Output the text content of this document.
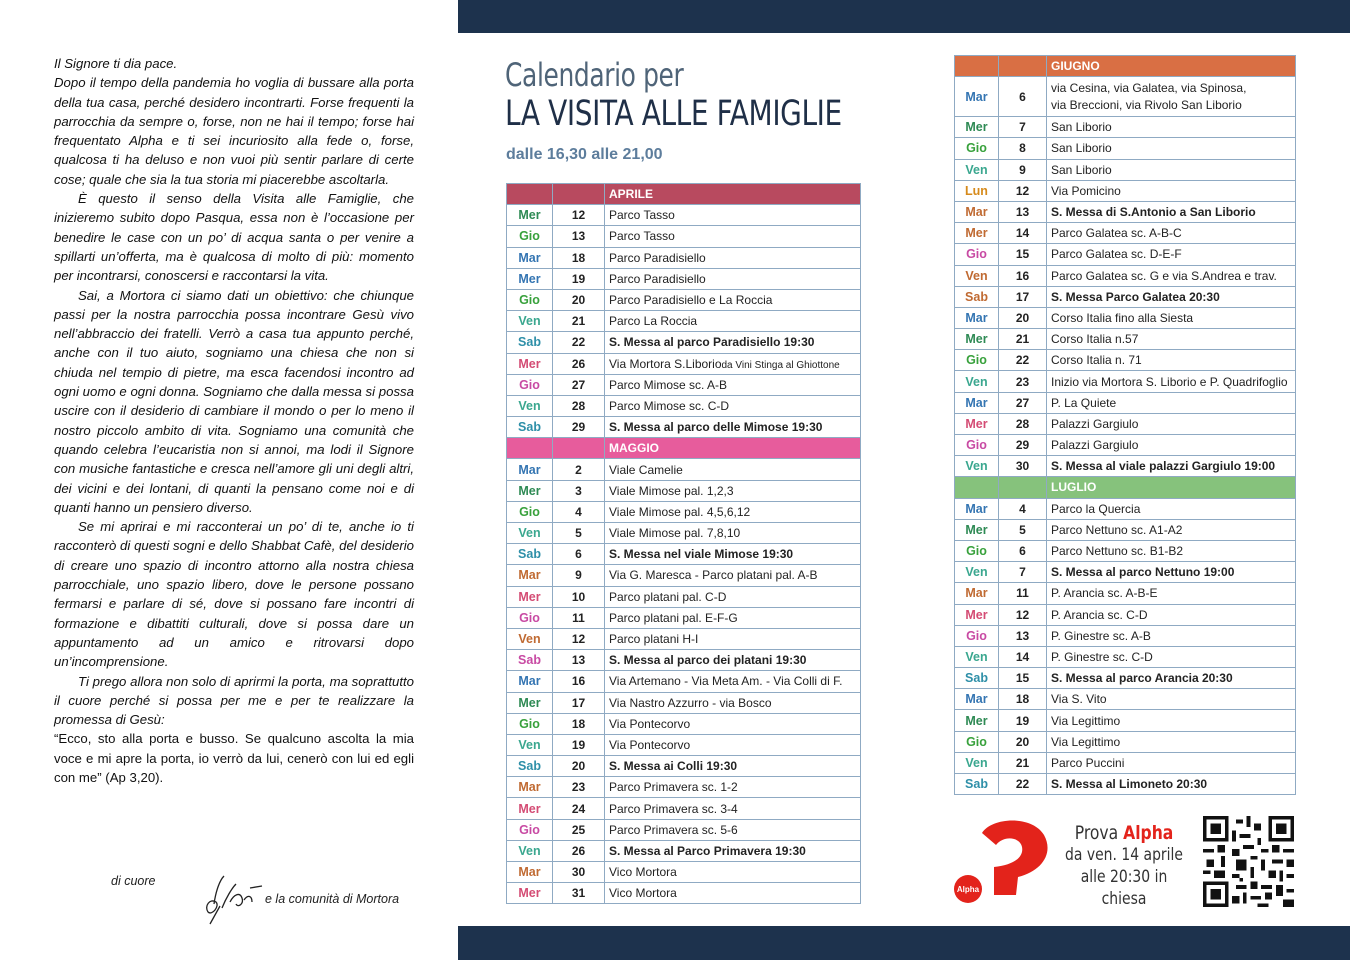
Il Signore ti dia pace.

Dopo il tempo della pandemia ho voglia di bussare alla porta della tua casa, perché desidero incontrarti. Forse frequenti la parrocchia da sempre o, forse, non ne hai il tempo; forse hai frequentato Alpha e ti sei incuriosito alla fede o, forse, qualcosa ti ha deluso e non vuoi più sentir parlare di certe cose; quale che sia la tua storia mi piacerebbe ascoltarla.

È questo il senso della Visita alle Famiglie, che inizieremo subito dopo Pasqua, essa non è l’occasione per benedire le case con un po’ di acqua santa o per venire a spillarti un’offerta, ma è qualcosa di molto di più: momento per incontrarsi, conoscersi e raccontarsi la vita.

Sai, a Mortora ci siamo dati un obiettivo: che chiunque passi per la nostra parrocchia possa incontrare Gesù vivo nell’abbraccio dei fratelli. Verrò a casa tua appunto perché, anche con il tuo aiuto, sogniamo una chiesa che non si chiuda nel tempio di pietre, ma esca facendosi incontro ad ogni uomo e ogni donna. Sogniamo che dalla messa si possa uscire con il desiderio di cambiare il mondo o per lo meno il nostro piccolo ambito di vita. Sogniamo una comunità che quando celebra l’eucaristia non si annoi, ma lodi il Signore con musiche fantastiche e cresca nell’amore gli uni degli altri, dei vicini e dei lontani, di quanti la pensano come noi e di quanti hanno un pensiero diverso.

Se mi aprirai e mi racconterai un po’ di te, anche io ti racconterò di questi sogni e dello Shabbat Cafè, del desiderio di creare uno spazio di incontro attorno alla nostra chiesa parrocchiale, uno spazio libero, dove le persone possano fermarsi e parlare di sé, dove si possano fare incontri di formazione e dibattiti culturali, dove si possa dare un appuntamento ad un amico e ritrovarsi dopo un’incomprensione.

Ti prego allora non solo di aprirmi la porta, ma soprattutto il cuore perché si possa per me e per te realizzare la promessa di Gesù:

“Ecco, sto alla porta e busso. Se qualcuno ascolta la mia voce e mi apre la porta, io verrò da lui, cenerò con lui ed egli con me” (Ap 3,20).

di cuore
e la comunità di Mortora
Calendario per
LA VISITA ALLE FAMIGLIE
dalle 16,30 alle 21,00
		APRILE
Mer	12	Parco Tasso
Gio	13	Parco Tasso
Mar	18	Parco Paradisiello
Mer	19	Parco Paradisiello
Gio	20	Parco Paradisiello e La Roccia
Ven	21	Parco La Roccia
Sab	22	S. Messa al parco Paradisiello 19:30
Mer	26	Via Mortora S.Liborioda Vini Stinga al Ghiottone
Gio	27	Parco Mimose sc. A-B
Ven	28	Parco Mimose sc. C-D
Sab	29	S. Messa al parco delle Mimose 19:30
		MAGGIO
Mar	2	Viale Camelie
Mer	3	Viale Mimose pal. 1,2,3
Gio	4	Viale Mimose pal. 4,5,6,12
Ven	5	Viale Mimose pal. 7,8,10
Sab	6	S. Messa nel viale Mimose 19:30
Mar	9	Via G. Maresca - Parco platani pal. A-B
Mer	10	Parco platani pal. C-D
Gio	11	Parco platani pal. E-F-G
Ven	12	Parco platani H-I
Sab	13	S. Messa al parco dei platani 19:30
Mar	16	Via Artemano - Via Meta Am. - Via Colli di F.
Mer	17	Via Nastro Azzurro - via Bosco
Gio	18	Via Pontecorvo
Ven	19	Via Pontecorvo
Sab	20	S. Messa ai Colli 19:30
Mar	23	Parco Primavera sc. 1-2
Mer	24	Parco Primavera sc. 3-4
Gio	25	Parco Primavera sc. 5-6
Ven	26	S. Messa al Parco Primavera 19:30
Mar	30	Vico Mortora
Mer	31	Vico Mortora
		GIUGNO
Mar	6	via Cesina, via Galatea, via Spinosa,
via Breccioni, via Rivolo San Liborio
Mer	7	San Liborio
Gio	8	San Liborio
Ven	9	San Liborio
Lun	12	Via Pomicino
Mar	13	S. Messa di S.Antonio a San Liborio
Mer	14	Parco Galatea sc. A-B-C
Gio	15	Parco Galatea sc. D-E-F
Ven	16	Parco Galatea sc. G e via S.Andrea e trav.
Sab	17	S. Messa Parco Galatea 20:30
Mar	20	Corso Italia fino alla Siesta
Mer	21	Corso Italia n.57
Gio	22	Corso Italia n. 71
Ven	23	Inizio via Mortora S. Liborio e P. Quadrifoglio
Mar	27	P. La Quiete
Mer	28	Palazzi Gargiulo
Gio	29	Palazzi Gargiulo
Ven	30	S. Messa al viale palazzi Gargiulo 19:00
		LUGLIO
Mar	4	Parco la Quercia
Mer	5	Parco Nettuno sc. A1-A2
Gio	6	Parco Nettuno sc. B1-B2
Ven	7	S. Messa al parco Nettuno 19:00
Mar	11	P. Arancia sc. A-B-E
Mer	12	P. Arancia sc. C-D
Gio	13	P. Ginestre sc. A-B
Ven	14	P. Ginestre sc. C-D
Sab	15	S. Messa al parco Arancia 20:30
Mar	18	Via S. Vito
Mer	19	Via Legittimo
Gio	20	Via Legittimo
Ven	21	Parco Puccini
Sab	22	S. Messa al Limoneto 20:30
Alpha
Prova Alpha
da ven. 14 aprile
alle 20:30 in chiesa
